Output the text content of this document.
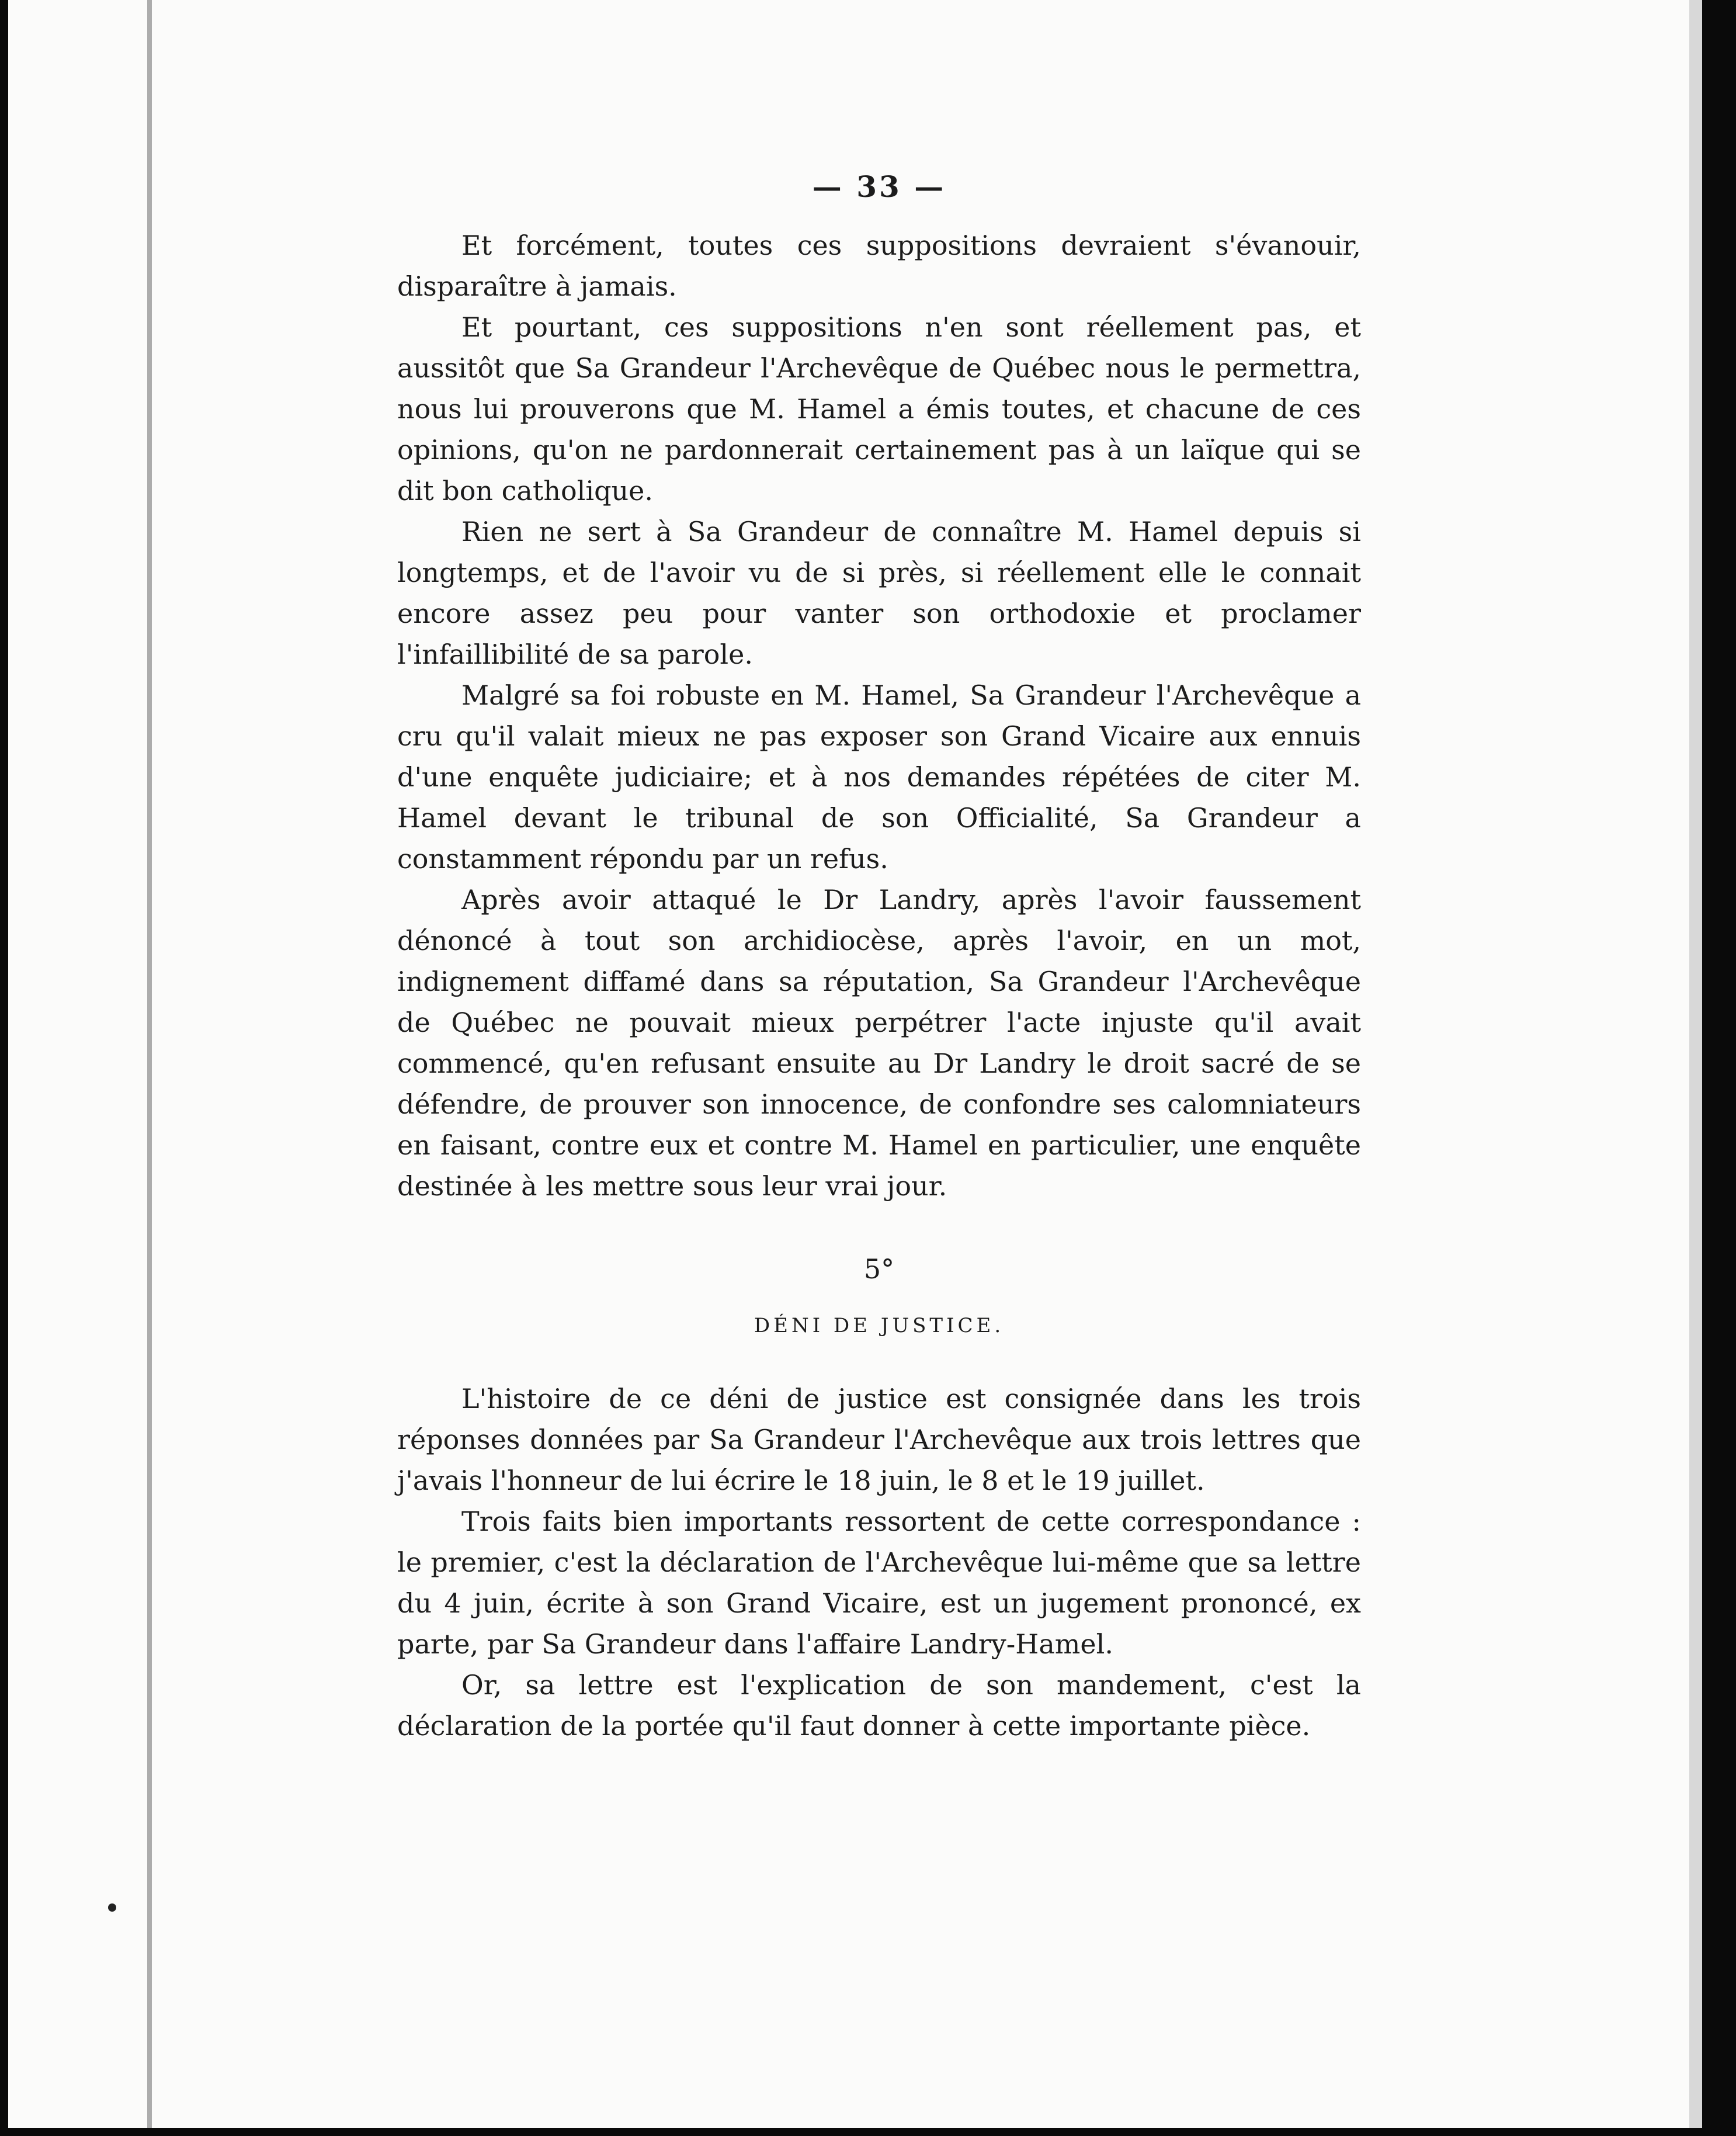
— 33 —

Et forcément, toutes ces suppositions devraient s'évanouir, disparaître à jamais.

Et pourtant, ces suppositions n'en sont réellement pas, et aussitôt que Sa Grandeur l'Archevêque de Québec nous le permettra, nous lui prouverons que M. Hamel a émis toutes, et chacune de ces opinions, qu'on ne pardonnerait certainement pas à un laïque qui se dit bon catholique.

Rien ne sert à Sa Grandeur de connaître M. Hamel depuis si longtemps, et de l'avoir vu de si près, si réellement elle le connait encore assez peu pour vanter son orthodoxie et proclamer l'infaillibilité de sa parole.

Malgré sa foi robuste en M. Hamel, Sa Grandeur l'Archevêque a cru qu'il valait mieux ne pas exposer son Grand Vicaire aux ennuis d'une enquête judiciaire; et à nos demandes répétées de citer M. Hamel devant le tribunal de son Officialité, Sa Grandeur a constamment répondu par un refus.

Après avoir attaqué le Dr Landry, après l'avoir faussement dénoncé à tout son archidiocèse, après l'avoir, en un mot, indignement diffamé dans sa réputation, Sa Grandeur l'Archevêque de Québec ne pouvait mieux perpétrer l'acte injuste qu'il avait commencé, qu'en refusant ensuite au Dr Landry le droit sacré de se défendre, de prouver son innocence, de confondre ses calomniateurs en faisant, contre eux et contre M. Hamel en particulier, une enquête destinée à les mettre sous leur vrai jour.

5°
DÉNI DE JUSTICE.

L'histoire de ce déni de justice est consignée dans les trois réponses données par Sa Grandeur l'Archevêque aux trois lettres que j'avais l'honneur de lui écrire le 18 juin, le 8 et le 19 juillet.

Trois faits bien importants ressortent de cette correspondance : le premier, c'est la déclaration de l'Archevêque lui-même que sa lettre du 4 juin, écrite à son Grand Vicaire, est un jugement prononcé, ex parte, par Sa Grandeur dans l'affaire Landry-Hamel.

Or, sa lettre est l'explication de son mandement, c'est la déclaration de la portée qu'il faut donner à cette importante pièce.
